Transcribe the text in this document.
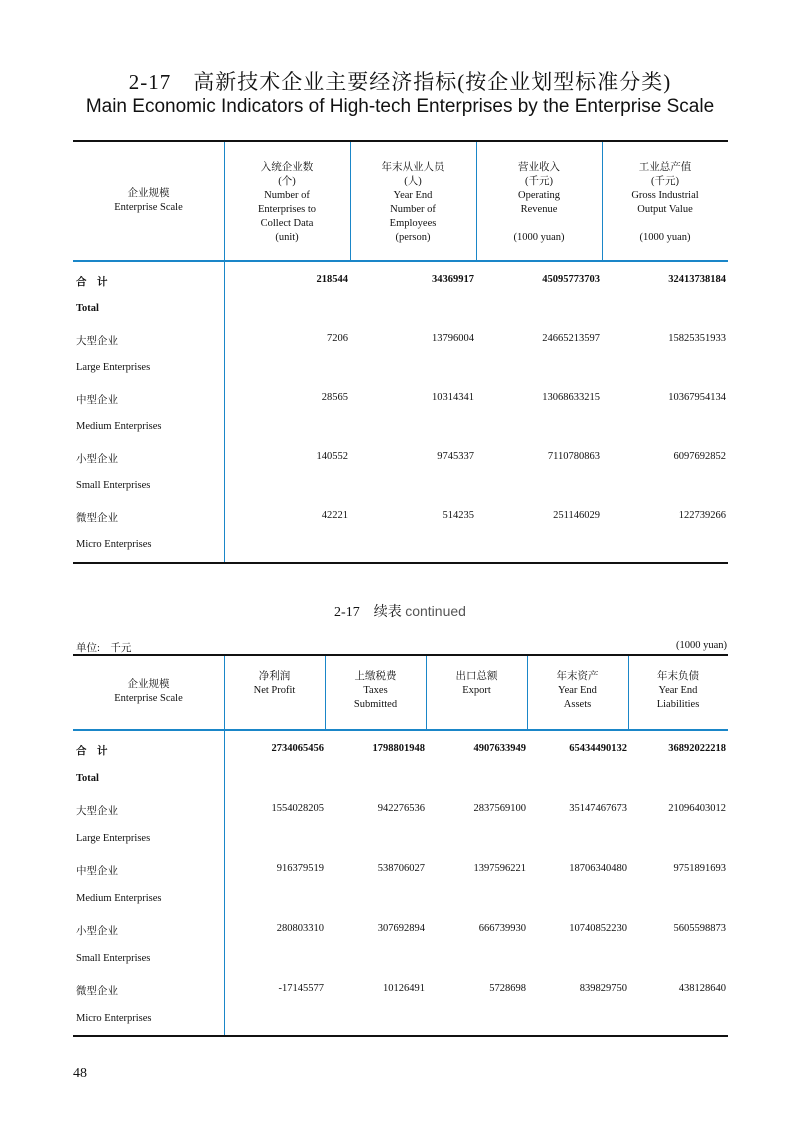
2-17　高新技术企业主要经济指标(按企业划型标准分类)
Main Economic Indicators of High-tech Enterprises by the Enterprise Scale
企业规模
Enterprise Scale
入统企业数
(个)
Number of
Enterprises to
Collect Data
(unit)
年末从业人员
(人)
Year End
Number of
Employees
(person)
营业收入
(千元)
Operating
Revenue
(1000 yuan)
工业总产值
(千元)
Gross Industrial
Output Value
(1000 yuan)
合　计
Total
218544	34369917	45095773703	32413738184
大型企业
Large Enterprises
7206	13796004	24665213597	15825351933
中型企业
Medium Enterprises
28565	10314341	13068633215	10367954134
小型企业
Small Enterprises
140552	9745337	7110780863	6097692852
微型企业
Micro Enterprises
42221	514235	251146029	122739266
2-17　续表 continued
单位:　千元	(1000 yuan)
企业规模
Enterprise Scale
净利润
Net Profit
上缴税费
Taxes
Submitted
出口总额
Export
年末资产
Year End
Assets
年末负债
Year End
Liabilities
合　计
Total
2734065456	1798801948	4907633949	65434490132	36892022218
大型企业
Large Enterprises
1554028205	942276536	2837569100	35147467673	21096403012
中型企业
Medium Enterprises
916379519	538706027	1397596221	18706340480	9751891693
小型企业
Small Enterprises
280803310	307692894	666739930	10740852230	5605598873
微型企业
Micro Enterprises
-17145577	10126491	5728698	839829750	438128640
48
